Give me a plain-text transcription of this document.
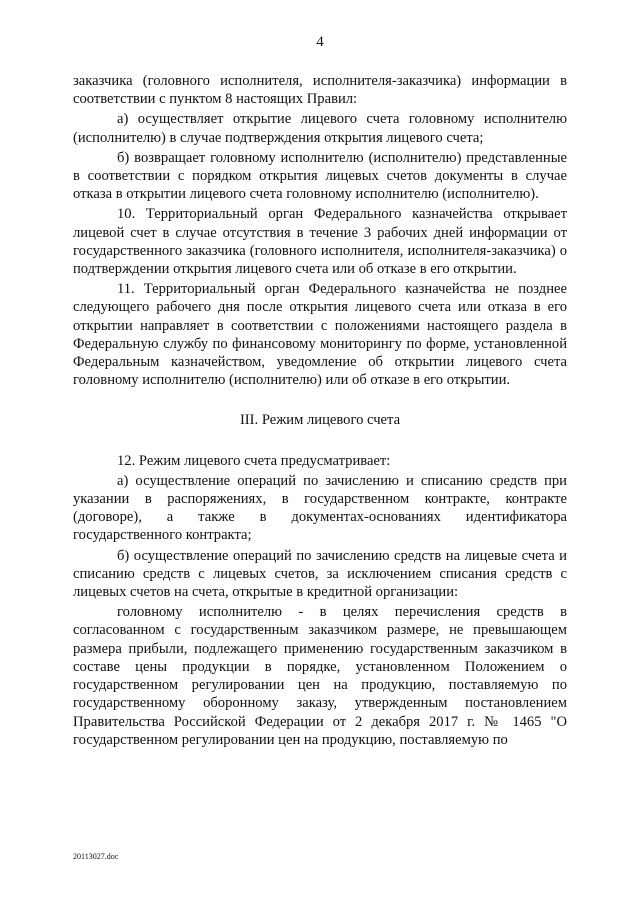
4

заказчика (головного исполнителя, исполнителя-заказчика) информации в соответствии с пунктом 8 настоящих Правил:

а) осуществляет открытие лицевого счета головному исполнителю (исполнителю) в случае подтверждения открытия лицевого счета;

б) возвращает головному исполнителю (исполнителю) представленные в соответствии с порядком открытия лицевых счетов документы в случае отказа в открытии лицевого счета головному исполнителю (исполнителю).

10. Территориальный орган Федерального казначейства открывает лицевой счет в случае отсутствия в течение 3 рабочих дней информации от государственного заказчика (головного исполнителя, исполнителя-заказчика) о подтверждении открытия лицевого счета или об отказе в его открытии.

11. Территориальный орган Федерального казначейства не позднее следующего рабочего дня после открытия лицевого счета или отказа в его открытии направляет в соответствии с положениями настоящего раздела в Федеральную службу по финансовому мониторингу по форме, установленной Федеральным казначейством, уведомление об открытии лицевого счета головному исполнителю (исполнителю) или об отказе в его открытии.

III. Режим лицевого счета

12. Режим лицевого счета предусматривает:

а) осуществление операций по зачислению и списанию средств при указании в распоряжениях, в государственном контракте, контракте (договоре), а также в документах-основаниях идентификатора государственного контракта;

б) осуществление операций по зачислению средств на лицевые счета и списанию средств с лицевых счетов, за исключением списания средств с лицевых счетов на счета, открытые в кредитной организации:

головному исполнителю - в целях перечисления средств в согласованном с государственным заказчиком размере, не превышающем размера прибыли, подлежащего применению государственным заказчиком в составе цены продукции в порядке, установленном Положением о государственном регулировании цен на продукцию, поставляемую по государственному оборонному заказу, утвержденным постановлением Правительства Российской Федерации от 2 декабря 2017 г. № 1465 "О государственном регулировании цен на продукцию, поставляемую по

20113027.doc
